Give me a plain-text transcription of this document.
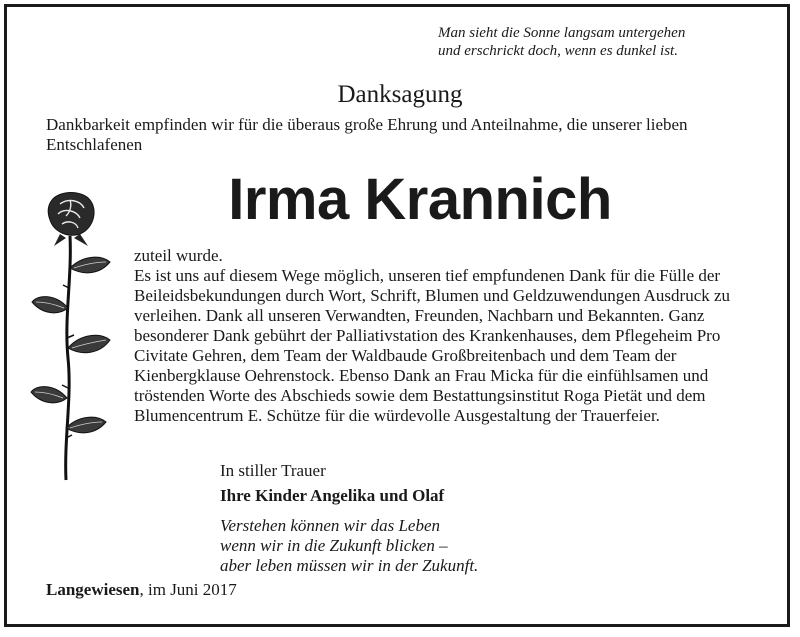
Man sieht die Sonne langsam untergehen
und erschrickt doch, wenn es dunkel ist.
Danksagung
Dankbarkeit empfinden wir für die überaus große Ehrung und Anteilnahme, die unserer lieben Entschlafenen
Irma Krannich

zuteil wurde.

Es ist uns auf diesem Wege möglich, unseren tief empfundenen Dank für die Fülle der Beileidsbekundungen durch Wort, Schrift, Blumen und Geldzuwendungen Ausdruck zu verleihen. Dank all unseren Verwandten, Freunden, Nachbarn und Bekannten. Ganz besonderer Dank gebührt der Palliativstation des Krankenhauses, dem Pflegeheim Pro Civitate Gehren, dem Team der Waldbaude Großbreitenbach und dem Team der Kienbergklause Oehrenstock. Ebenso Dank an Frau Micka für die einfühlsamen und tröstenden Worte des Abschieds sowie dem Bestattungsinstitut Roga Pietät und dem Blumencentrum E. Schütze für die würdevolle Ausgestaltung der Trauerfeier.

In stiller Trauer
Ihre Kinder Angelika und Olaf
Verstehen können wir das Leben
wenn wir in die Zukunft blicken –
aber leben müssen wir in der Zukunft.
Langewiesen, im Juni 2017
